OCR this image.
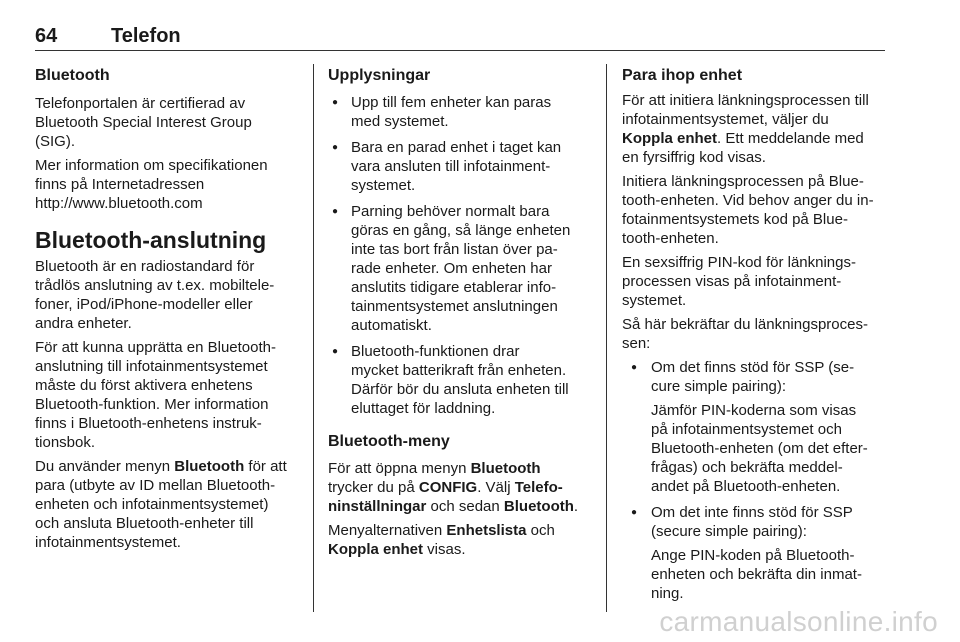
64	Telefon
Bluetooth

Telefonportalen är certifierad av
Bluetooth Special Interest Group
(SIG).

Mer information om specifikationen
finns på Internetadressen
http://www.bluetooth.com

Bluetooth-anslutning

Bluetooth är en radiostandard för
trådlös anslutning av t.ex. mobiltele-
foner, iPod/iPhone-modeller eller
andra enheter.

För att kunna upprätta en Bluetooth-
anslutning till infotainmentsystemet
måste du först aktivera enhetens
Bluetooth-funktion. Mer information
finns i Bluetooth-enhetens instruk-
tionsbok.

Du använder menyn Bluetooth för att
para (utbyte av ID mellan Bluetooth-
enheten och infotainmentsystemet)
och ansluta Bluetooth-enheter till
infotainmentsystemet.

Upplysningar
● Upp till fem enheter kan paras
med systemet.
● Bara en parad enhet i taget kan
vara ansluten till infotainment-
systemet.
● Parning behöver normalt bara
göras en gång, så länge enheten
inte tas bort från listan över pa-
rade enheter. Om enheten har
anslutits tidigare etablerar info-
tainmentsystemet anslutningen
automatiskt.
● Bluetooth-funktionen drar
mycket batterikraft från enheten.
Därför bör du ansluta enheten till
eluttaget för laddning.
Bluetooth-meny

För att öppna menyn Bluetooth
trycker du på CONFIG. Välj Telefo-
ninställningar och sedan Bluetooth.

Menyalternativen Enhetslista och
Koppla enhet visas.

Para ihop enhet

För att initiera länkningsprocessen till
infotainmentsystemet, väljer du
Koppla enhet. Ett meddelande med
en fyrsiffrig kod visas.

Initiera länkningsprocessen på Blue-
tooth-enheten. Vid behov anger du in-
fotainmentsystemets kod på Blue-
tooth-enheten.

En sexsiffrig PIN-kod för länknings-
processen visas på infotainment-
systemet.

Så här bekräftar du länkningsproces-
sen:

● Om det finns stöd för SSP (se-
cure simple pairing):
Jämför PIN-koderna som visas
på infotainmentsystemet och
Bluetooth-enheten (om det efter-
frågas) och bekräfta meddel-
andet på Bluetooth-enheten.
● Om det inte finns stöd för SSP
(secure simple pairing):
Ange PIN-koden på Bluetooth-
enheten och bekräfta din inmat-
ning.
carmanualsonline.info
